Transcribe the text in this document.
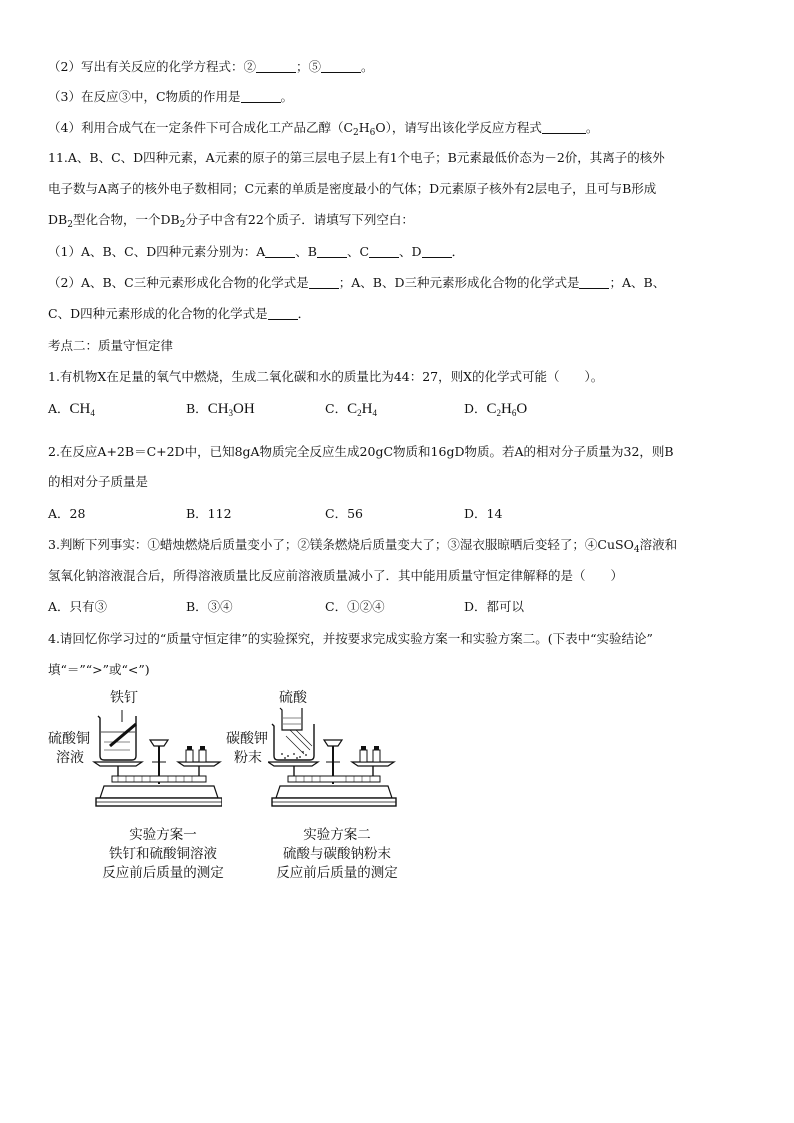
（2）写出有关反应的化学方程式：②	；⑤	。
（3）在反应③中，C物质的作用是	。
（4）利用合成气在一定条件下可合成化工产品乙醇$(C_2H_6O)$，请写出该化学反应方程式	。
11.A、B、C、D四种元素，A元素的原子的第三层电子层上有1个电子；B元素最低价态为－2价，其离子的核外
电子数与A离子的核外电子数相同；C元素的单质是密度最小的气体；D元素原子核外有2层电子，且可与B形成
$DB_2$型化合物，一个$DB_2$分子中含有22个质子．请填写下列空白：
（1）A、B、C、D四种元素分别为：A 、B 、C 、D ．
（2）A、B、C三种元素形成化合物的化学式是 ；A、B、D三种元素形成化合物的化学式是 ；A、B、
C、D四种元素形成的化合物的化学式是 ．
考点二：质量守恒定律
1.有机物X在足量的氧气中燃烧，生成二氧化碳和水的质量比为44：27，则X的化学式可能（　　）。
A．$CH_4$	B．$CH_3OH$	C．$C_2H_4$	D．$C_2H_6O$
2.在反应A+2B＝C+2D中，已知8gA物质完全反应生成20gC物质和16gD物质。若A的相对分子质量为32，则B
的相对分子质量是
A．28	B．112	C．56	D．14
3.判断下列事实：①蜡烛燃烧后质量变小了；②镁条燃烧后质量变大了；③湿衣服晾晒后变轻了；④CuSO$_4$溶液和
氢氧化钠溶液混合后，所得溶液质量比反应前溶液质量减小了．其中能用质量守恒定律解释的是（　　）
A．只有③	B．③④	C．①②④	D．都可以
4.请回忆你学习过的“质量守恒定律”的实验探究，并按要求完成实验方案一和实验方案二。(下表中“实验结论”
填“＝”“>”或“<”)
铁钉
硫酸铜
溶液
实验方案一
铁钉和硫酸铜溶液
反应前后质量的测定
硫酸
碳酸钾
粉末
实验方案二
硫酸与碳酸钠粉末
反应前后质量的测定
